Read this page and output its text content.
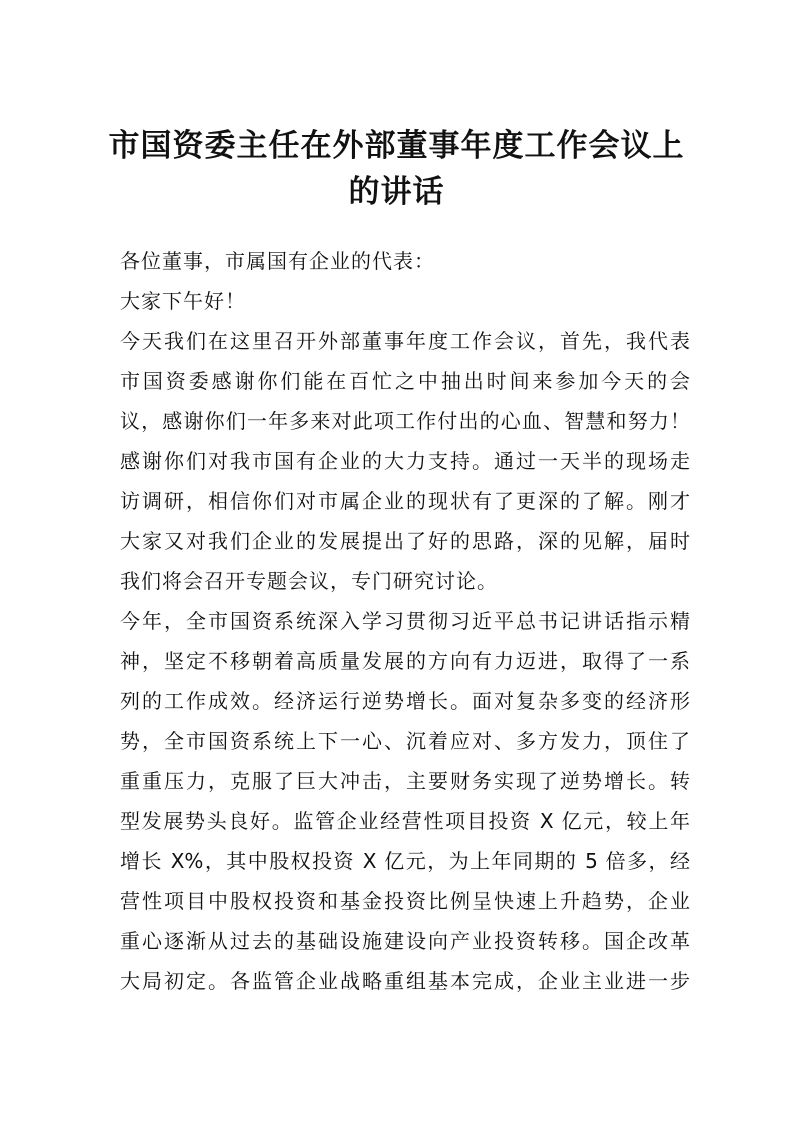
市国资委主任在外部董事年度工作会议上
的讲话
各位董事，市属国有企业的代表：
大家下午好！
今天我们在这里召开外部董事年度工作会议，首先，我代表
市国资委感谢你们能在百忙之中抽出时间来参加今天的会
议，感谢你们一年多来对此项工作付出的心血、智慧和努力！
感谢你们对我市国有企业的大力支持。通过一天半的现场走
访调研，相信你们对市属企业的现状有了更深的了解。刚才
大家又对我们企业的发展提出了好的思路，深的见解，届时
我们将会召开专题会议，专门研究讨论。
今年，全市国资系统深入学习贯彻习近平总书记讲话指示精
神，坚定不移朝着高质量发展的方向有力迈进，取得了一系
列的工作成效。经济运行逆势增长。面对复杂多变的经济形
势，全市国资系统上下一心、沉着应对、多方发力，顶住了
重重压力，克服了巨大冲击，主要财务实现了逆势增长。转
型发展势头良好。监管企业经营性项目投资 X 亿元，较上年
增长 X%，其中股权投资 X 亿元，为上年同期的 5 倍多，经
营性项目中股权投资和基金投资比例呈快速上升趋势，企业
重心逐渐从过去的基础设施建设向产业投资转移。国企改革
大局初定。各监管企业战略重组基本完成，企业主业进一步
